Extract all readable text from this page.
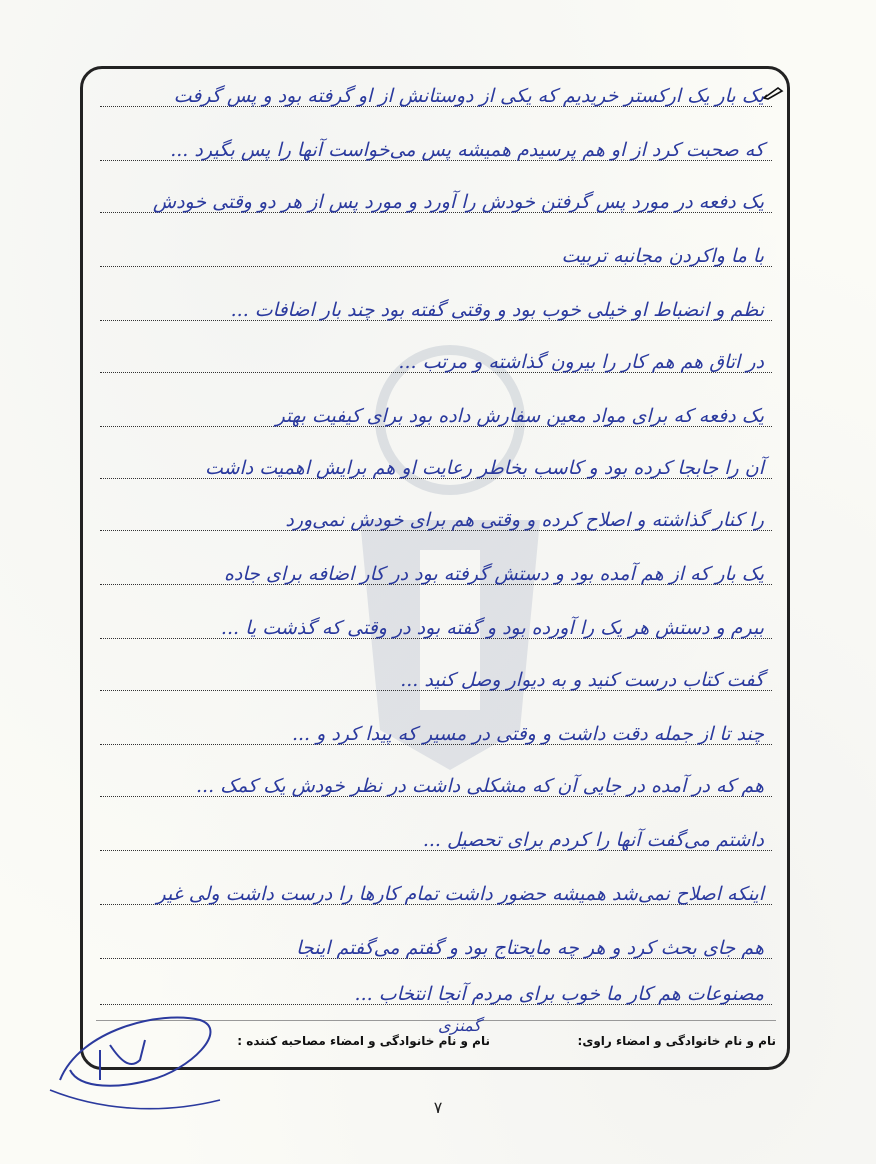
یک بار یک ارکستر خریدیم که یکی از دوستانش از او گرفته بود و پس گرفت
که صحبت کرد از او هم پرسیدم همیشه پس می‌خواست آنها را پس بگیرد ...
یک دفعه در مورد پس گرفتن خودش را آورد و مورد پس از هر دو وقتی خودش
با ما واکردن مجانبه تربیت
نظم و انضباط او خیلی خوب بود و وقتی گفته بود چند بار اضافات ...
در اتاق هم هم کار را بیرون گذاشته و مرتب ...
یک دفعه که برای مواد معین سفارش داده بود برای کیفیت بهتر
آن را جابجا کرده بود و کاسب بخاطر رعایت او هم برایش اهمیت داشت
را کنار گذاشته و اصلاح کرده و وقتی هم برای خودش نمی‌ورد
یک بار که از هم آمده بود و دستش گرفته بود در کار اضافه برای جاده
ببرم و دستش هر یک را آورده بود و گفته بود در وقتی که گذشت یا ...
گفت کتاب درست کنید و به دیوار وصل کنید ...
چند تا از جمله دقت داشت و وقتی در مسیر که پیدا کرد و ...
هم که در آمده در جایی آن که مشکلی داشت در نظر خودش یک کمک ...
داشتم می‌گفت آنها را کردم برای تحصیل ...
اینکه اصلاح نمی‌شد همیشه حضور داشت تمام کارها را درست داشت ولی غیر
هم جای بحث کرد و هر چه مایحتاج بود و گفتم می‌گفتم اینجا
مصنوعات هم کار ما خوب برای مردم آنجا انتخاب ...
نام و نام خانوادگی و امضاء راوی:
نام و نام خانوادگی و امضاء مصاحبه کننده :
گمنزی
۷
